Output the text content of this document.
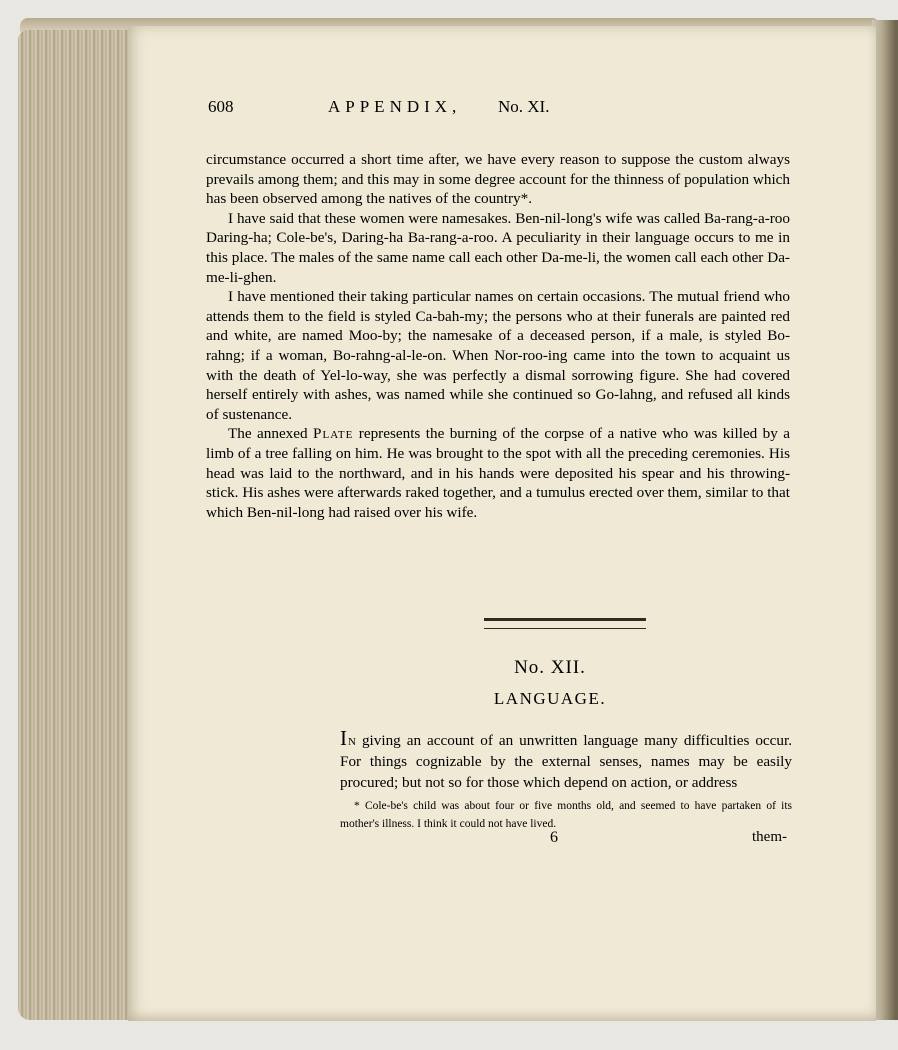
608	APPENDIX, No. XI.

circumstance occurred a short time after, we have every reason to suppose the custom always prevails among them; and this may in some degree account for the thinness of population which has been observed among the natives of the country*.

I have said that these women were namesakes. Ben-nil-long's wife was called Ba-rang-a-roo Daring-ha; Cole-be's, Daring-ha Ba-rang-a-roo. A peculiarity in their language occurs to me in this place. The males of the same name call each other Da-me-li, the women call each other Da-me-li-ghen.

I have mentioned their taking particular names on certain occasions. The mutual friend who attends them to the field is styled Ca-bah-my; the persons who at their funerals are painted red and white, are named Moo-by; the namesake of a deceased person, if a male, is styled Bo-rahng; if a woman, Bo-rahng-al-le-on. When Nor-roo-ing came into the town to acquaint us with the death of Yel-lo-way, she was perfectly a dismal sorrowing figure. She had covered herself entirely with ashes, was named while she continued so Go-lahng, and refused all kinds of sustenance.

The annexed Plate represents the burning of the corpse of a native who was killed by a limb of a tree falling on him. He was brought to the spot with all the preceding ceremonies. His head was laid to the northward, and in his hands were deposited his spear and his throwing-stick. His ashes were afterwards raked together, and a tumulus erected over them, similar to that which Ben-nil-long had raised over his wife.

No. XII.
LANGUAGE.
In giving an account of an unwritten language many difficulties occur. For things cognizable by the external senses, names may be easily procured; but not so for those which depend on action, or address

* Cole-be's child was about four or five months old, and seemed to have partaken of its mother's illness. I think it could not have lived.

6	them-
